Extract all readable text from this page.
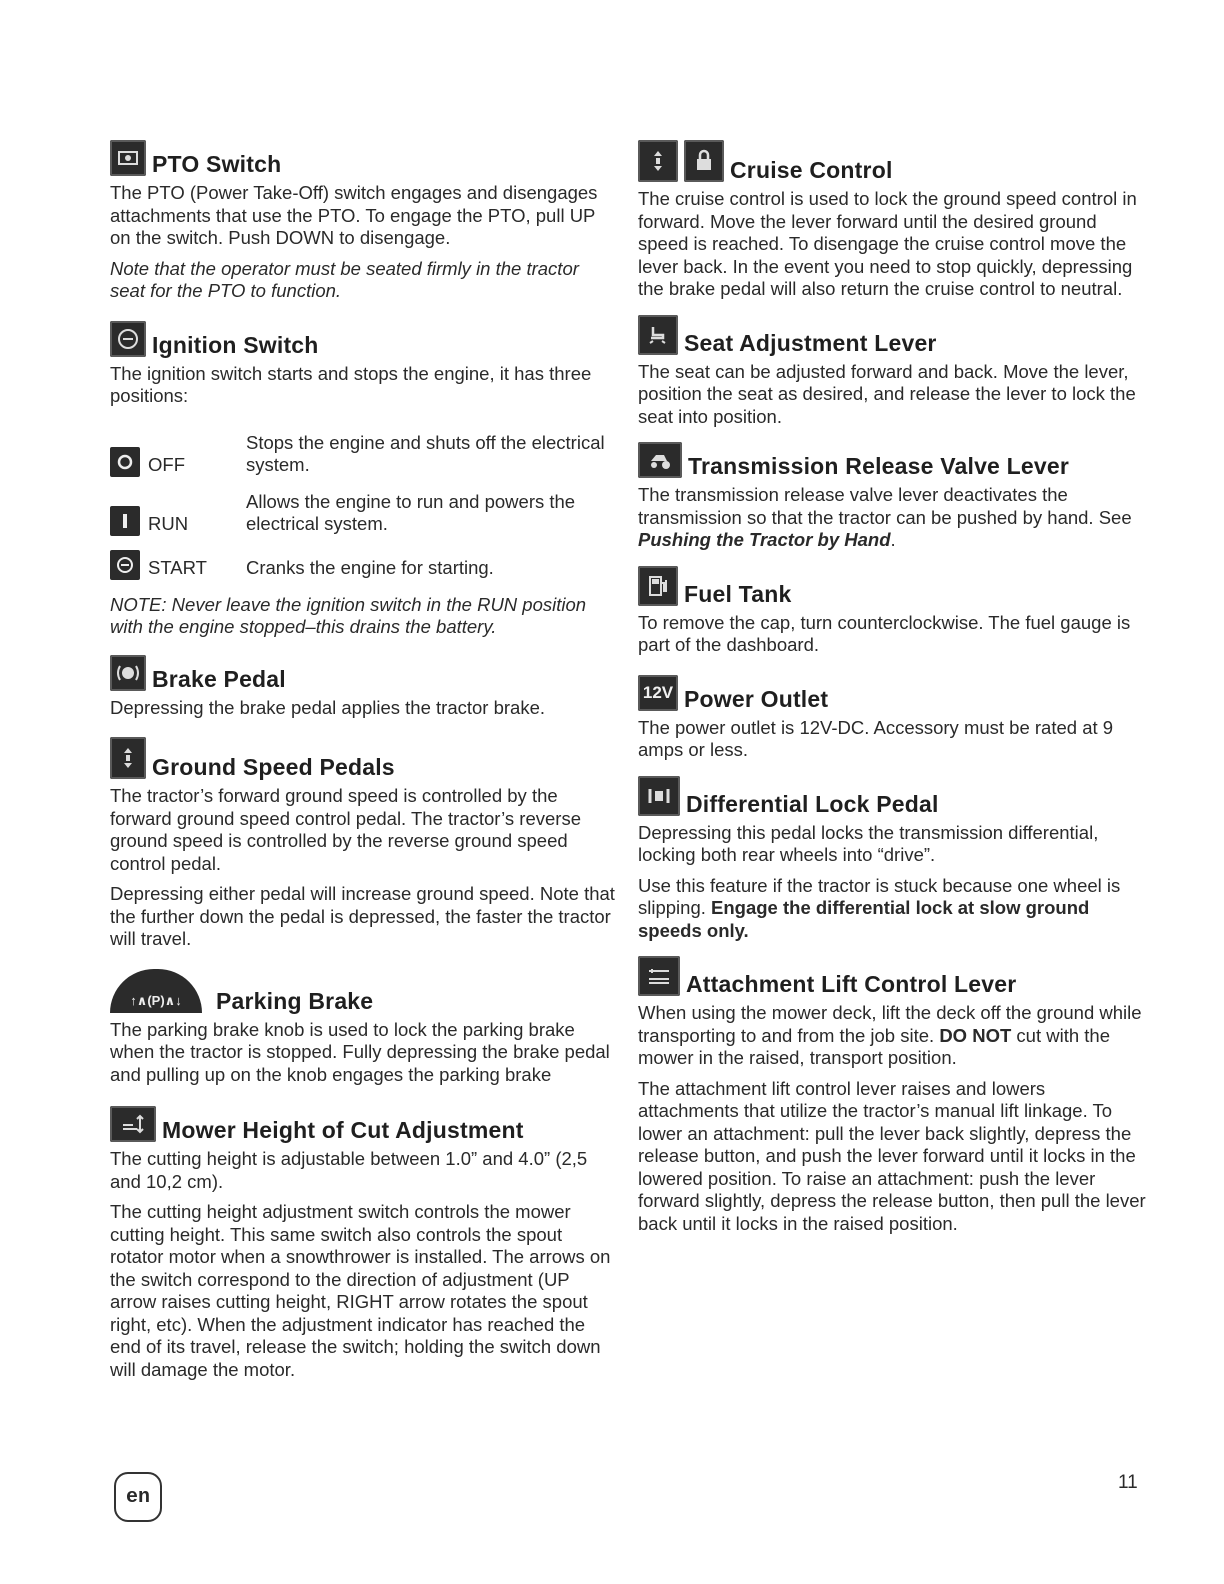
PTO Switch

The PTO (Power Take-Off) switch engages and disengages attachments that use the PTO. To engage the PTO, pull UP on the switch. Push DOWN to disengage.

Note that the operator must be seated firmly in the tractor seat for the PTO to function.

Ignition Switch

The ignition switch starts and stops the engine, it has three positions:

OFF
Stops the engine and shuts off the electrical system.
RUN
Allows the engine to run and powers the electrical system.
START	Cranks the engine for starting.

NOTE: Never leave the ignition switch in the RUN position with the engine stopped–this drains the battery.

Brake Pedal

Depressing the brake pedal applies the tractor brake.

Ground Speed Pedals

The tractor’s forward ground speed is controlled by the forward ground speed control pedal. The tractor’s reverse ground speed is controlled by the reverse ground speed control pedal.

Depressing either pedal will increase ground speed. Note that the further down the pedal is depressed, the faster the tractor will travel.

↑∧(P)∧↓	Parking Brake

The parking brake knob is used to lock the parking brake when the tractor is stopped. Fully depressing the brake pedal and pulling up on the knob engages the parking brake

Mower Height of Cut Adjustment

The cutting height is adjustable between 1.0” and 4.0” (2,5 and 10,2 cm).

The cutting height adjustment switch controls the mower cutting height. This same switch also controls the spout rotator motor when a snowthrower is installed. The arrows on the switch correspond to the direction of adjustment (UP arrow raises cutting height, RIGHT arrow rotates the spout right, etc). When the adjustment indicator has reached the end of its travel, release the switch; holding the switch down will damage the motor.

Cruise Control

The cruise control is used to lock the ground speed control in forward. Move the lever forward until the desired ground speed is reached. To disengage the cruise control move the lever back. In the event you need to stop quickly, depressing the brake pedal will also return the cruise control to neutral.

Seat Adjustment Lever

The seat can be adjusted forward and back. Move the lever, position the seat as desired, and release the lever to lock the seat into position.

Transmission Release Valve Lever

The transmission release valve lever deactivates the transmission so that the tractor can be pushed by hand. See Pushing the Tractor by Hand.

Fuel Tank

To remove the cap, turn counterclockwise. The fuel gauge is part of the dashboard.

12V Power Outlet

The power outlet is 12V-DC. Accessory must be rated at 9 amps or less.

Differential Lock Pedal

Depressing this pedal locks the transmission differential, locking both rear wheels into “drive”.

Use this feature if the tractor is stuck because one wheel is slipping. Engage the differential lock at slow ground speeds only.

Attachment Lift Control Lever

When using the mower deck, lift the deck off the ground while transporting to and from the job site. DO NOT cut with the mower in the raised, transport position.

The attachment lift control lever raises and lowers attachments that utilize the tractor’s manual lift linkage. To lower an attachment: pull the lever back slightly, depress the release button, and push the lever forward until it locks in the lowered position. To raise an attachment: push the lever forward slightly, depress the release button, then pull the lever back until it locks in the raised position.

en
11
